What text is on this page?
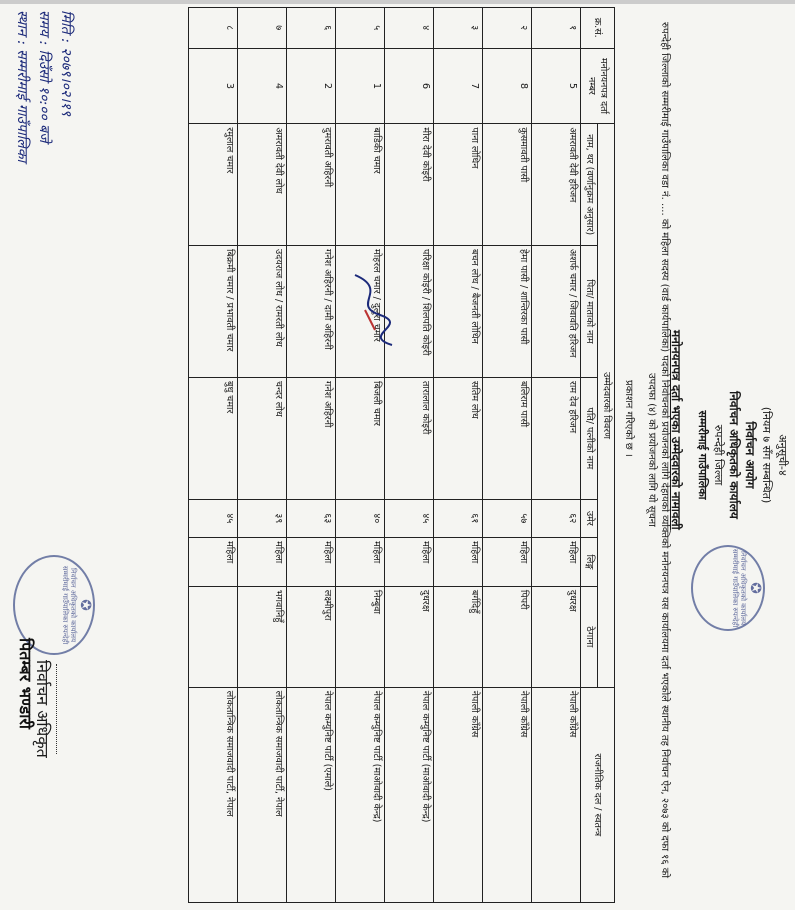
अनुसूची-४
(नियम ७ सँग सम्बन्धित)
निर्वाचन आयोग
निर्वाचन अधिकृतको कार्यालय
रुपन्देही जिल्ला
सम्मरीमाई गाउँपालिका
✪
निर्वाचन अधिकृतको कार्यालय सम्मरीमाई गाउँपालिका रुपन्देही
मनोनयनपत्र दर्ता भएका उम्मेदवारको नामावली
रुपन्देही जिल्लाको सम्मरीमाई गाउँपालिका वडा नं. .... को महिला सदस्य (वार्ड कार्यपालिका) पदको निर्वाचनको प्रयोजनको लागि देहायको व्यक्तिको मनोनयनपत्र यस कार्यालयमा दर्ता भएकोले स्थानीय तह निर्वाचन ऐन, २०७३ को दफा १६ को उपदफा (४) को प्रयोजनको लागि यो सूचना
प्रकाशन गरिएको छ ।
क्र.सं.	मनोनयनपत्र दर्ता नम्बर	उम्मेदवारको विवरण						राजनीतिक दल / स्वतन्त्र
		नाम, थर (वर्णानुक्रम अनुसार)	पिता/ माताको नाम	पति/ पत्नीको नाम	उमेर	लिङ्ग	ठेगाना	
१	5	अमरावती देवी हरिजन	अशर्फ चमार / जिवावति हरिजन	राम देव हरिजन	६२	महिला	दुधरक्ष	नेपाली काँग्रेस
२	8	कुसमावती पासी	हेमा पासी / शान्तिरका पासी	बलिराम पासी	५७	महिला	पिपरी	नेपाली काँग्रेस
३	7	पाना लोधिन	बचन लोध / बैजनती लोधिन	सतिम लोध	६१	महिला	बर्गदिहुँ	नेपाली काँग्रेस
४	6	मीरा देवी कोइरी	परिक्षा कोइरी / शिलपति कोइरी	तारालाल कोइरी	४५	महिला	दुधरक्ष	नेपाल कम्युनिष्ट पार्टी (माओवादी केन्द्र)
५	1	बाडिकी चमार	मोहरल चमार / दुलुरा चमार	बिजली चमार	४०	महिला	निम्बुवा	नेपाल कम्युनिष्ट पार्टी (माओवादी केन्द्र)
६	2	दुमरावती अहिरनी	गनेश अहिरनी / दामी अहिरनी	गनेश अहिरनी	६३	महिला	लक्ष्मीपुरा	नेपाल कम्युनिष्ट पार्टी (एमाले)
७	4	अमरावती देवी लोध	उदयराज लोध / रामरती लोध	चन्दर लोध	३९	महिला	भगवानिहुँ	लोकतान्त्रिक समाजवादी पार्टी, नेपाल
८	3	रमुलाल चमार	बिक्रमी चमार / प्रभावती चमार	बुधु चमार	४५	महिला		लोकतान्त्रिक समाजवादी पार्टी, नेपाल
मिति : २०७९।०२।१९
समय : दिउँसो १०:०० बजे
स्थान : सम्मरीमाई गाउँपालिका
✪
निर्वाचन अधिकृतको कार्यालय सम्मरीमाई गाउँपालिका रुपन्देही
निर्वाचन अधिकृत
पितम्बर भण्डारी
